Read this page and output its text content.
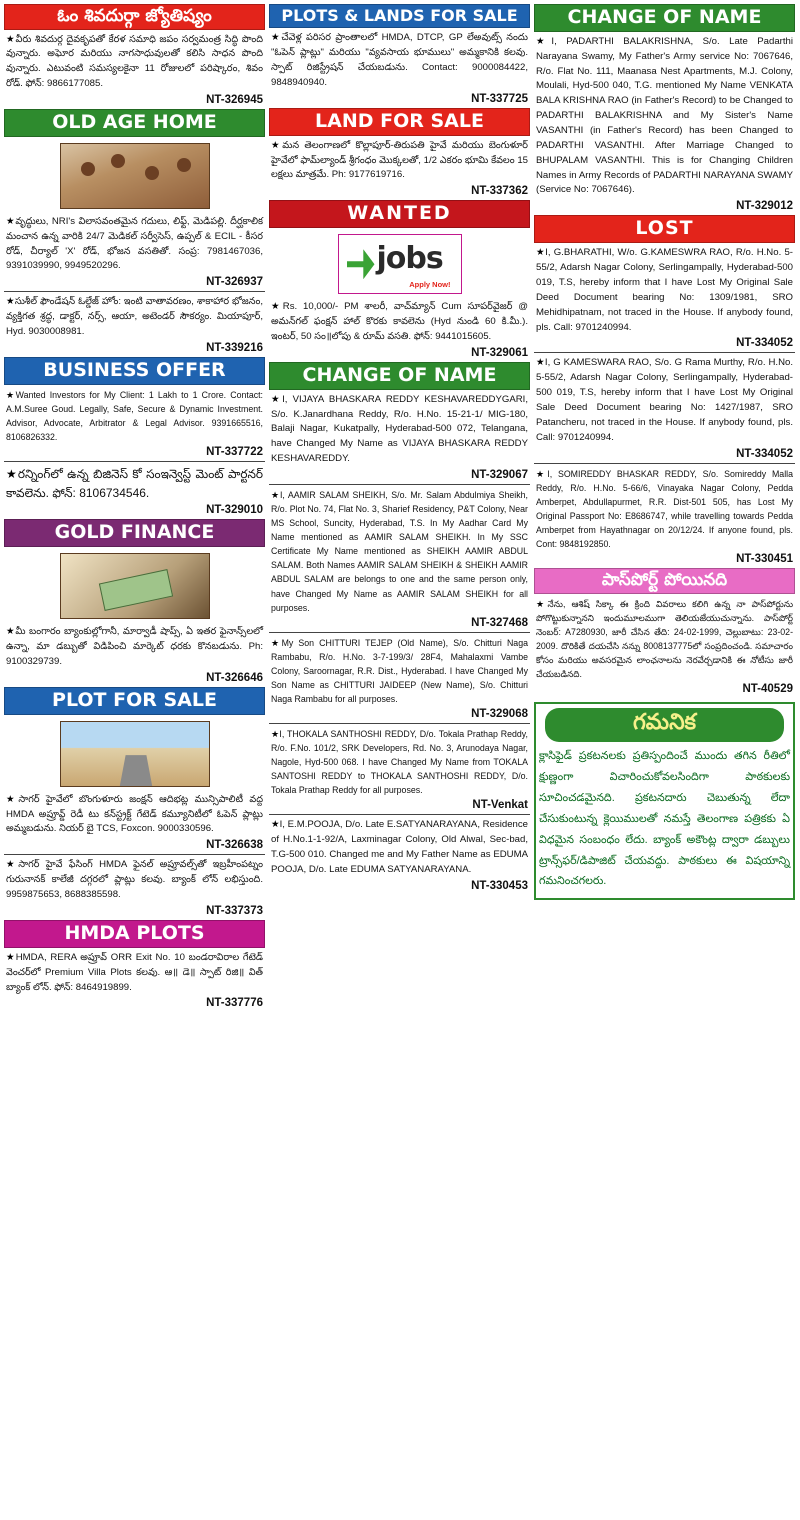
ఓం శివదుర్గా జ్యోతిష్యం
★వీరు శివదుర్గ దైవకృపతో కేరళ సమాధి జపం సర్వమంత్ర సిద్ధి పొంది వున్నారు. అఘోర మరియు నాగసాధువులతో కలిసి సాధన పొంది వున్నారు. ఎటువంటి సమస్యలకైనా 11 రోజులలో పరిష్కారం, శివం రోడ్. ఫోన్: 9866177085.
NT-326945
OLD AGE HOME
★వృద్ధులు, NRI's విలాసవంతమైన గదులు, లిఫ్ట్, మెడిపల్లి. దీర్ఘకాలిక మంచాన ఉన్న వారికి 24/7 మెడికల్ సర్వీసెస్, ఉప్పల్ & ECIL - కీసర రోడ్, చీర్యాల్ 'X' రోడ్, భోజన వసతితో. సంప్ర: 7981467036, 9391039990, 9949520296.
NT-326937
★సుశీల్ ఫౌండేషన్ ఓల్డేజ్ హోం: ఇంటి వాతావరణం, శాకాహార భోజనం, వ్యక్తిగత శ్రద్ధ, డాక్టర్, నర్స్, ఆయా, అటెండర్ సౌకర్యం. మియాపూర్, Hyd. 9030008981.
NT-339216
BUSINESS OFFER
★Wanted Investors for My Client: 1 Lakh to 1 Crore. Contact: A.M.Suree Goud. Legally, Safe, Secure & Dynamic Investment. Advisor, Advocate, Arbitrator & Legal Advisor. 9391665516, 8106826332.
NT-337722
★రన్నింగ్‌లో ఉన్న బిజినెస్ కో సంఇన్వెస్ట్ మెంట్ పార్టనర్ కావలెను. ఫోన్: 8106734546.
NT-329010
GOLD FINANCE
★మీ బంగారం బ్యాంకుల్లోగానీ, మార్వాడీ షాప్స్, ఏ ఇతర ఫైనాన్స్‌లలో ఉన్నా, మా డబ్బుతో విడిపించి మార్కెట్ ధరకు కొనబడును. Ph: 9100329739.
NT-326646
PLOT FOR SALE
★సాగర్ హైవేలో బొంగుళూరు జంక్షన్ ఆదిభట్ల మున్సిపాలిటీ వద్ద HMDA అప్రూవ్డ్ రెడీ టు కన్‌స్ట్రక్ట్ గేటెడ్ కమ్యూనిటీలో ఓపెన్ ప్లాట్లు అమ్మబడును. నియర్ బై TCS, Foxcon. 9000330596.
NT-326638
★సాగర్ హైవే ఫేసింగ్ HMDA ఫైనల్ అప్రూవల్స్‌తో ఇబ్రహీంపట్నం గురునానక్ కాలేజీ దగ్గరలో ప్లాట్లు కలవు. బ్యాంక్ లోన్ లభిస్తుంది. 9959875653, 8688385598.
NT-337373
HMDA PLOTS
★HMDA, RERA అప్రూవ్ ORR Exit No. 10 బండరావిరాల గేటెడ్ వెంచర్‌లో Premium Villa Plots కలవు. ఆ॥ డె॥ స్పాట్ రిజి॥ విత్ బ్యాంక్ లోన్. ఫోన్: 8464919899.
NT-337776
PLOTS & LANDS FOR SALE
★చేవెళ్ల పరిసర ప్రాంతాలలో HMDA, DTCP, GP లేఅవుట్స్ నందు "ఓపెన్ ప్లాట్లు" మరియు "వ్యవసాయ భూములు" అమ్మకానికి కలవు. స్పాట్ రిజిస్ట్రేషన్ చేయబడును. Contact: 9000084422, 9848940940.
NT-337725
LAND FOR SALE
★మన తెలంగాణలో కొల్లాపూర్-తిరుపతి హైవే మరియు బెంగుళూర్ హైవేలో ఫామ్‌ల్యాండ్ శ్రీగంధం మొక్కలతో, 1/2 ఎకరం భూమి కేవలం 15 లక్షలు మాత్రమే. Ph: 9177619716.
NT-337362
WANTED
jobs
Apply Now!
★Rs. 10,000/- PM శాలరీ, వాచ్‌మ్యాన్ Cum సూపర్‌వైజర్ @ అమన్‌గల్ ఫంక్షన్ హాల్ కొరకు కావలెను (Hyd నుండి 60 కి.మీ.). ఇంటర్, 50 సం॥లోపు & రూమ్ వసతి. ఫోన్: 9441015605.
NT-329061
CHANGE OF NAME
★I, VIJAYA BHASKARA REDDY KESHAVAREDDYGARI, S/o. K.Janardhana Reddy, R/o. H.No. 15-21-1/ MIG-180, Balaji Nagar, Kukatpally, Hyderabad-500 072, Telangana, have Changed My Name as VIJAYA BHASKARA REDDY KESHAVAREDDY.
NT-329067
★I, AAMIR SALAM SHEIKH, S/o. Mr. Salam Abdulmiya Sheikh, R/o. Plot No. 74, Flat No. 3, Sharief Residency, P&T Colony, Near MS School, Suncity, Hyderabad, T.S. In My Aadhar Card My Name mentioned as AAMIR SALAM SHEIKH. In My SSC Certificate My Name mentioned as SHEIKH AAMIR ABDUL SALAM. Both Names AAMIR SALAM SHEIKH & SHEIKH AAMIR ABDUL SALAM are belongs to one and the same person only, have Changed My Name as AAMIR SALAM SHEIKH for all purposes.
NT-327468
★My Son CHITTURI TEJEP (Old Name), S/o. Chitturi Naga Rambabu, R/o. H.No. 3-7-199/3/ 28F4, Mahalaxmi Vambe Colony, Saroornagar, R.R. Dist., Hyderabad. I have Changed My Son Name as CHITTURI JAIDEEP (New Name), S/o. Chitturi Naga Rambabu for all purposes.
NT-329068
★I, THOKALA SANTHOSHI REDDY, D/o. Tokala Prathap Reddy, R/o. F.No. 101/2, SRK Developers, Rd. No. 3, Arunodaya Nagar, Nagole, Hyd-500 068. I have Changed My Name from TOKALA SANTOSHI REDDY to THOKALA SANTHOSHI REDDY, D/o. Tokala Prathap Reddy for all purposes.
NT-Venkat
★I, E.M.POOJA, D/o. Late E.SATYANARAYANA, Residence of H.No.1-1-92/A, Laxminagar Colony, Old Alwal, Sec-bad, T.G-500 010. Changed me and My Father Name as EDUMA POOJA, D/o. Late EDUMA SATYANARAYANA.
NT-330453
CHANGE OF NAME
★I, PADARTHI BALAKRISHNA, S/o. Late Padarthi Narayana Swamy, My Father's Army service No: 7067646, R/o. Flat No. 111, Maanasa Nest Apartments, M.J. Colony, Moulali, Hyd-500 040, T.G. mentioned My Name VENKATA BALA KRISHNA RAO (in Father's Record) to be Changed to PADARTHI BALAKRISHNA and My Sister's Name VASANTHI (in Father's Record) has been Changed to PADARTHI VASANTHI. After Marriage Changed to BHUPALAM VASANTHI. This is for Changing Children Names in Army Records of PADARTHI NARAYANA SWAMY (Service No: 7067646).
NT-329012
LOST
★I, G.BHARATHI, W/o. G.KAMESWRA RAO, R/o. H.No. 5-55/2, Adarsh Nagar Colony, Serlingampally, Hyderabad-500 019, T.S, hereby inform that I have Lost My Original Sale Deed Document bearing No: 1309/1981, SRO Mehidhipatnam, not traced in the House. If anybody found, pls. Call: 9701240994.
NT-334052
★I, G KAMESWARA RAO, S/o. G Rama Murthy, R/o. H.No. 5-55/2, Adarsh Nagar Colony, Serlingampally, Hyderabad-500 019, T.S, hereby inform that I have Lost My Original Sale Deed Document bearing No: 1427/1987, SRO Patancheru, not traced in the House. If anybody found, pls. Call: 9701240994.
NT-334052
★I, SOMIREDDY BHASKAR REDDY, S/o. Somireddy Malla Reddy, R/o. H.No. 5-66/6, Vinayaka Nagar Colony, Pedda Amberpet, Abdullapurmet, R.R. Dist-501 505, has Lost My Original Passport No: E8686747, while travelling towards Pedda Amberpet from Hayathnagar on 20/12/24. If anyone found, pls. Cont: 9848192850.
NT-330451
పాస్‌పోర్ట్ పోయినది
★నేను, ఆశిష్ సిక్కా ఈ క్రింది వివరాలు కలిగి ఉన్న నా పాస్‌పోర్టును పోగొట్టుకున్నానని ఇందుమూలముగా తెలియజేయుచున్నాను. పాస్‌పోర్ట్ నెంబర్: A7280930, జారీ చేసిన తేది: 24-02-1999, చెల్లుబాటు: 23-02-2009. దొరికితే దయచేసి నన్ను 8008137775లో సంప్రదించండి. సమాచారం కోసం మరియు అవసరమైన లాంఛనాలను నెరవేర్చడానికి ఈ నోటీసు జారీ చేయబడినది.
NT-40529
గమనిక
క్లాసిఫైడ్ ప్రకటనలకు ప్రతిస్పందించే ముందు తగిన రీతిలో క్షుణ్ణంగా విచారించుకోవలసిందిగా పాఠకులకు సూచించడమైనది. ప్రకటనదారు చెబుతున్న లేదా చేసుకుంటున్న క్లెయిములతో నమస్తే తెలంగాణ పత్రికకు ఏ విధమైన సంబంధం లేదు. బ్యాంక్ అకౌంట్ల ద్వారా డబ్బులు ట్రాన్స్‌ఫర్/డిపాజిట్ చేయవద్దు. పాఠకులు ఈ విషయాన్ని గమనించగలరు.
